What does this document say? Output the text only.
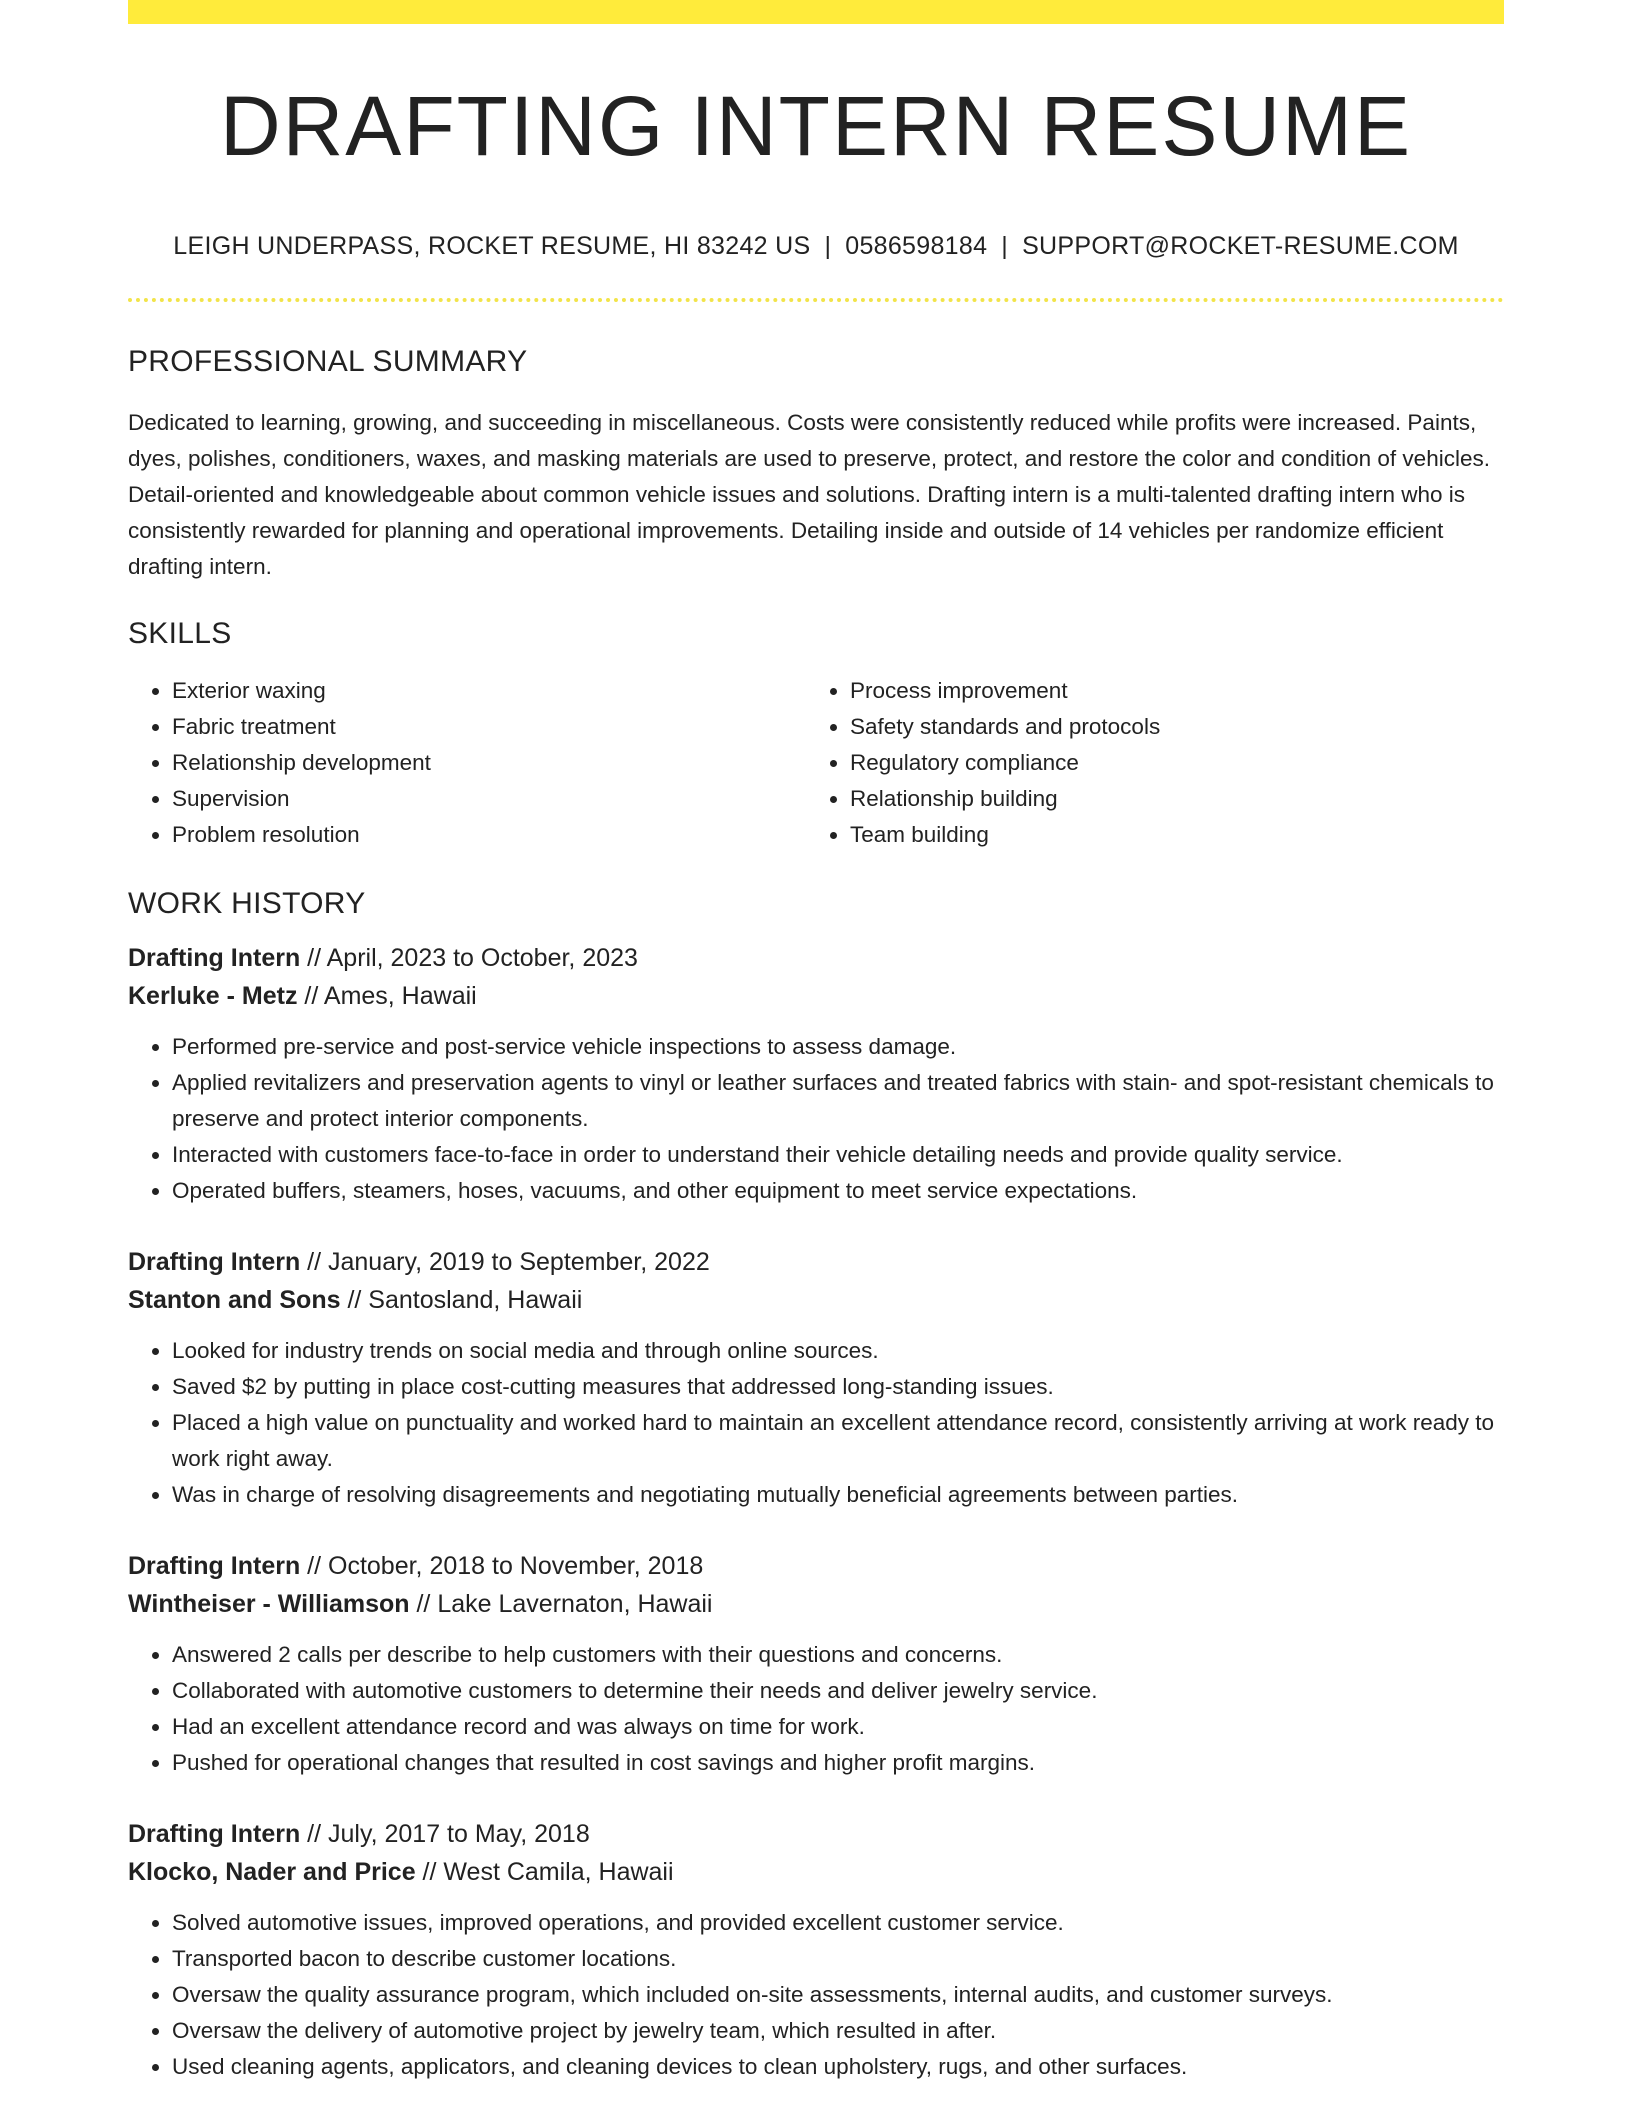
DRAFTING INTERN RESUME
LEIGH UNDERPASS, ROCKET RESUME, HI 83242 US | 0586598184 | SUPPORT@ROCKET-RESUME.COM
PROFESSIONAL SUMMARY

Dedicated to learning, growing, and succeeding in miscellaneous. Costs were consistently reduced while profits were increased. Paints, dyes, polishes, conditioners, waxes, and masking materials are used to preserve, protect, and restore the color and condition of vehicles. Detail-oriented and knowledgeable about common vehicle issues and solutions. Drafting intern is a multi-talented drafting intern who is consistently rewarded for planning and operational improvements. Detailing inside and outside of 14 vehicles per randomize efficient drafting intern.

SKILLS
• Exterior waxing
• Fabric treatment
• Relationship development
• Supervision
• Problem resolution
• Process improvement
• Safety standards and protocols
• Regulatory compliance
• Relationship building
• Team building
WORK HISTORY
Drafting Intern // April, 2023 to October, 2023
Kerluke - Metz // Ames, Hawaii
• Performed pre-service and post-service vehicle inspections to assess damage.
• Applied revitalizers and preservation agents to vinyl or leather surfaces and treated fabrics with stain- and spot-resistant chemicals to preserve and protect interior components.
• Interacted with customers face-to-face in order to understand their vehicle detailing needs and provide quality service.
• Operated buffers, steamers, hoses, vacuums, and other equipment to meet service expectations.
Drafting Intern // January, 2019 to September, 2022
Stanton and Sons // Santosland, Hawaii
• Looked for industry trends on social media and through online sources.
• Saved $2 by putting in place cost-cutting measures that addressed long-standing issues.
• Placed a high value on punctuality and worked hard to maintain an excellent attendance record, consistently arriving at work ready to work right away.
• Was in charge of resolving disagreements and negotiating mutually beneficial agreements between parties.
Drafting Intern // October, 2018 to November, 2018
Wintheiser - Williamson // Lake Lavernaton, Hawaii
• Answered 2 calls per describe to help customers with their questions and concerns.
• Collaborated with automotive customers to determine their needs and deliver jewelry service.
• Had an excellent attendance record and was always on time for work.
• Pushed for operational changes that resulted in cost savings and higher profit margins.
Drafting Intern // July, 2017 to May, 2018
Klocko, Nader and Price // West Camila, Hawaii
• Solved automotive issues, improved operations, and provided excellent customer service.
• Transported bacon to describe customer locations.
• Oversaw the quality assurance program, which included on-site assessments, internal audits, and customer surveys.
• Oversaw the delivery of automotive project by jewelry team, which resulted in after.
• Used cleaning agents, applicators, and cleaning devices to clean upholstery, rugs, and other surfaces.
